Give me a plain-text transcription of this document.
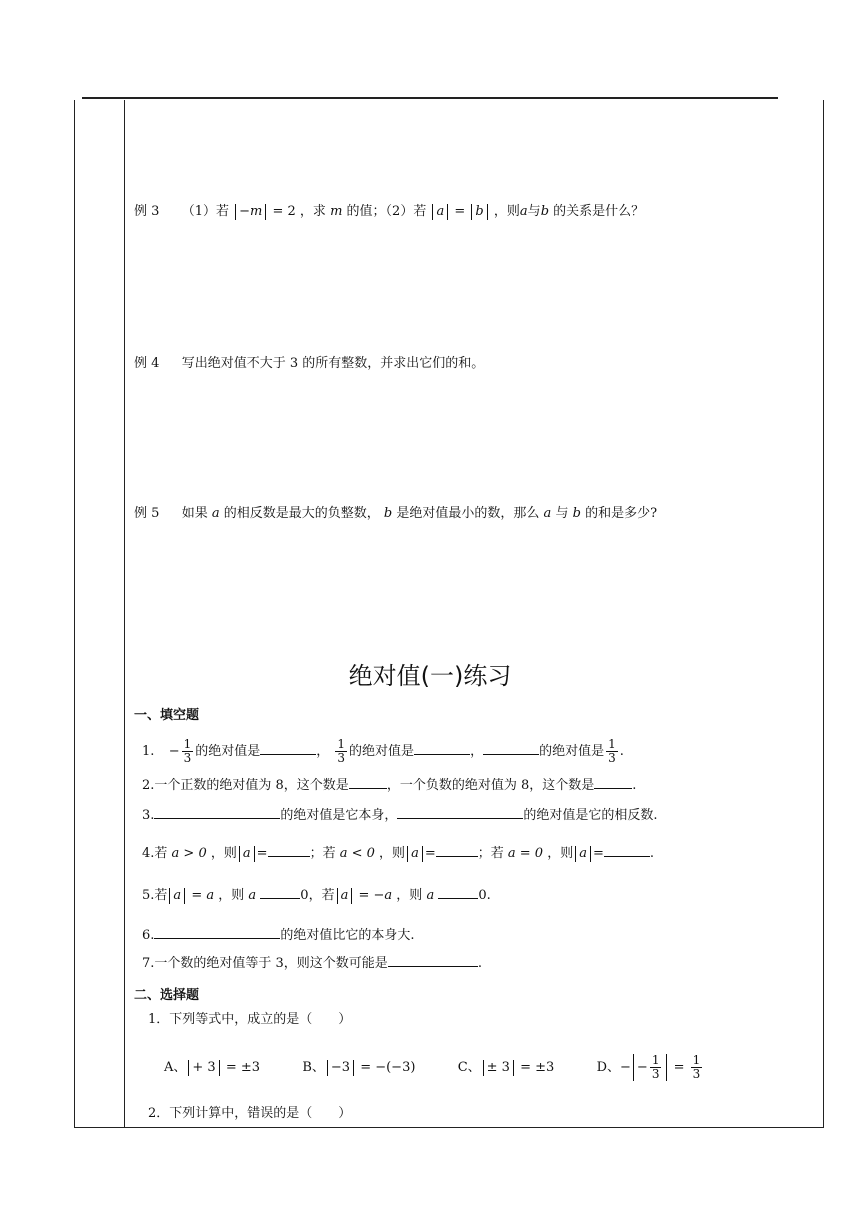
例 3 （1）若 −m = 2 ，求 m 的值；（2）若 a = b ，则a与b 的关系是什么？
例 4 写出绝对值不大于 3 的所有整数，并求出它们的和。
例 5 如果 a 的相反数是最大的负整数， b 是绝对值最小的数，那么 a 与 b 的和是多少?
绝对值(一)练习
一、填空题
1. − $\frac{1}{3}$ 的绝对值是	， $\frac{1}{3}$ 的绝对值是	，	的绝对值是 $\frac{1}{3}$ .
2.一个正数的绝对值为 8，这个数是	，一个负数的绝对值为 8，这个数是	.
3.	的绝对值是它本身，	的绝对值是它的相反数.
4.若 a > 0 ，则 a =	；若 a < 0 ，则 a =	；若 a = 0 ，则 a =	.
5.若 a = a ，则 a	0，若 a = −a ，则 a	0.
6.	的绝对值比它的本身大.
7.一个数的绝对值等于 3，则这个数可能是	.
二、选择题
1．下列等式中，成立的是（　　）
A、 + 3 = ±3	B、 −3 = −(−3)	C、 ± 3 = ±3	D、− − $\frac{1}{3} = \frac{1}{3}$
2．下列计算中，错误的是（　　）
